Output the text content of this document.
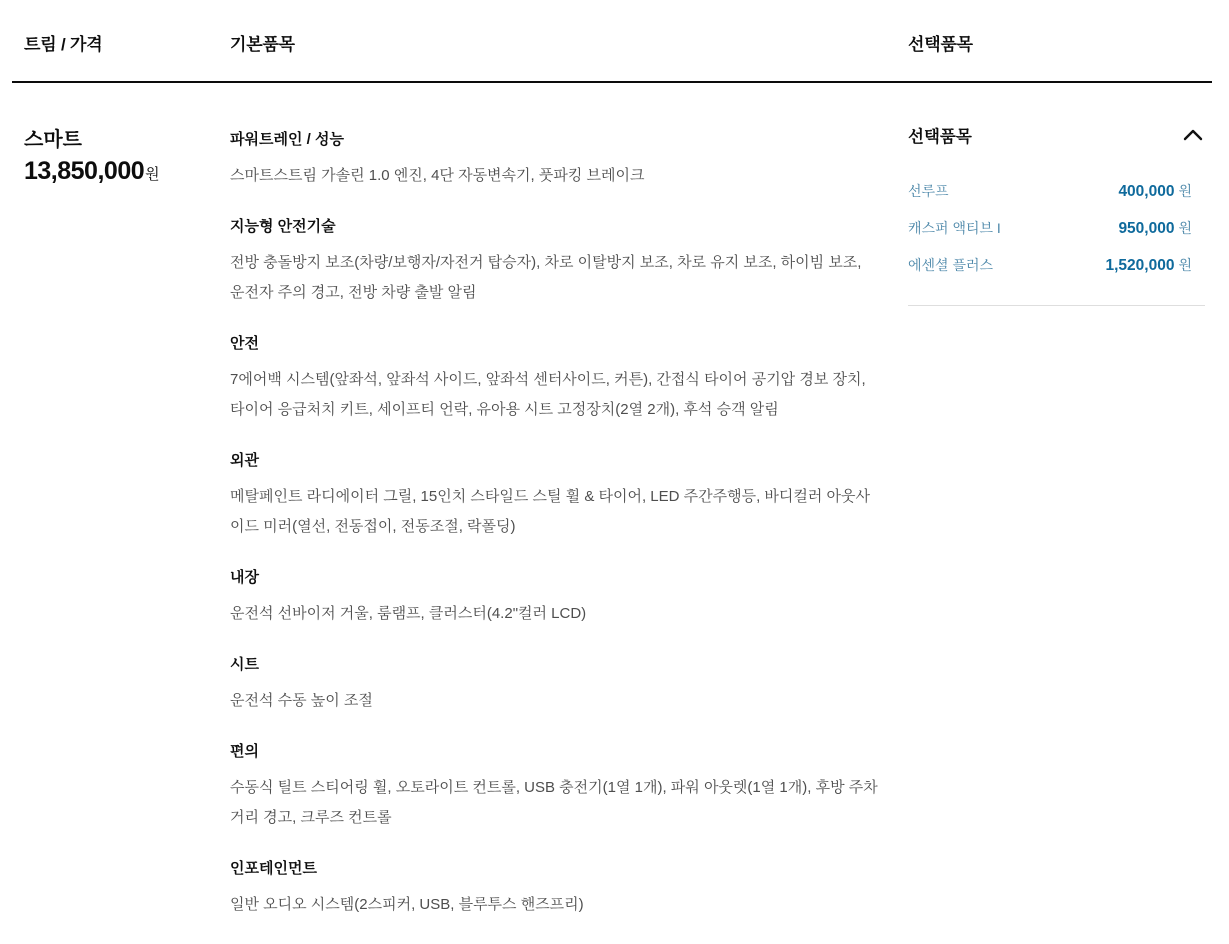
트림 / 가격	기본품목	선택품목
스마트
13,850,000원
파워트레인 / 성능

스마트스트림 가솔린 1.0 엔진, 4단 자동변속기, 풋파킹 브레이크

지능형 안전기술

전방 충돌방지 보조(차량/보행자/자전거 탑승자), 차로 이탈방지 보조, 차로 유지 보조, 하이빔 보조, 운전자 주의 경고, 전방 차량 출발 알림

안전

7에어백 시스템(앞좌석, 앞좌석 사이드, 앞좌석 센터사이드, 커튼), 간접식 타이어 공기압 경보 장치, 타이어 응급처치 키트, 세이프티 언락, 유아용 시트 고정장치(2열 2개), 후석 승객 알림

외관

메탈페인트 라디에이터 그릴, 15인치 스타일드 스틸 휠 & 타이어, LED 주간주행등, 바디컬러 아웃사이드 미러(열선, 전동접이, 전동조절, 락폴딩)

내장

운전석 선바이저 거울, 룸램프, 클러스터(4.2"컬러 LCD)

시트

운전석 수동 높이 조절

편의

수동식 틸트 스티어링 휠, 오토라이트 컨트롤, USB 충전기(1열 1개), 파워 아웃렛(1열 1개), 후방 주차거리 경고, 크루즈 컨트롤

인포테인먼트

일반 오디오 시스템(2스피커, USB, 블루투스 핸즈프리)

선택품목
선루프	400,000 원
캐스퍼 액티브 I	950,000 원
에센셜 플러스	1,520,000 원
